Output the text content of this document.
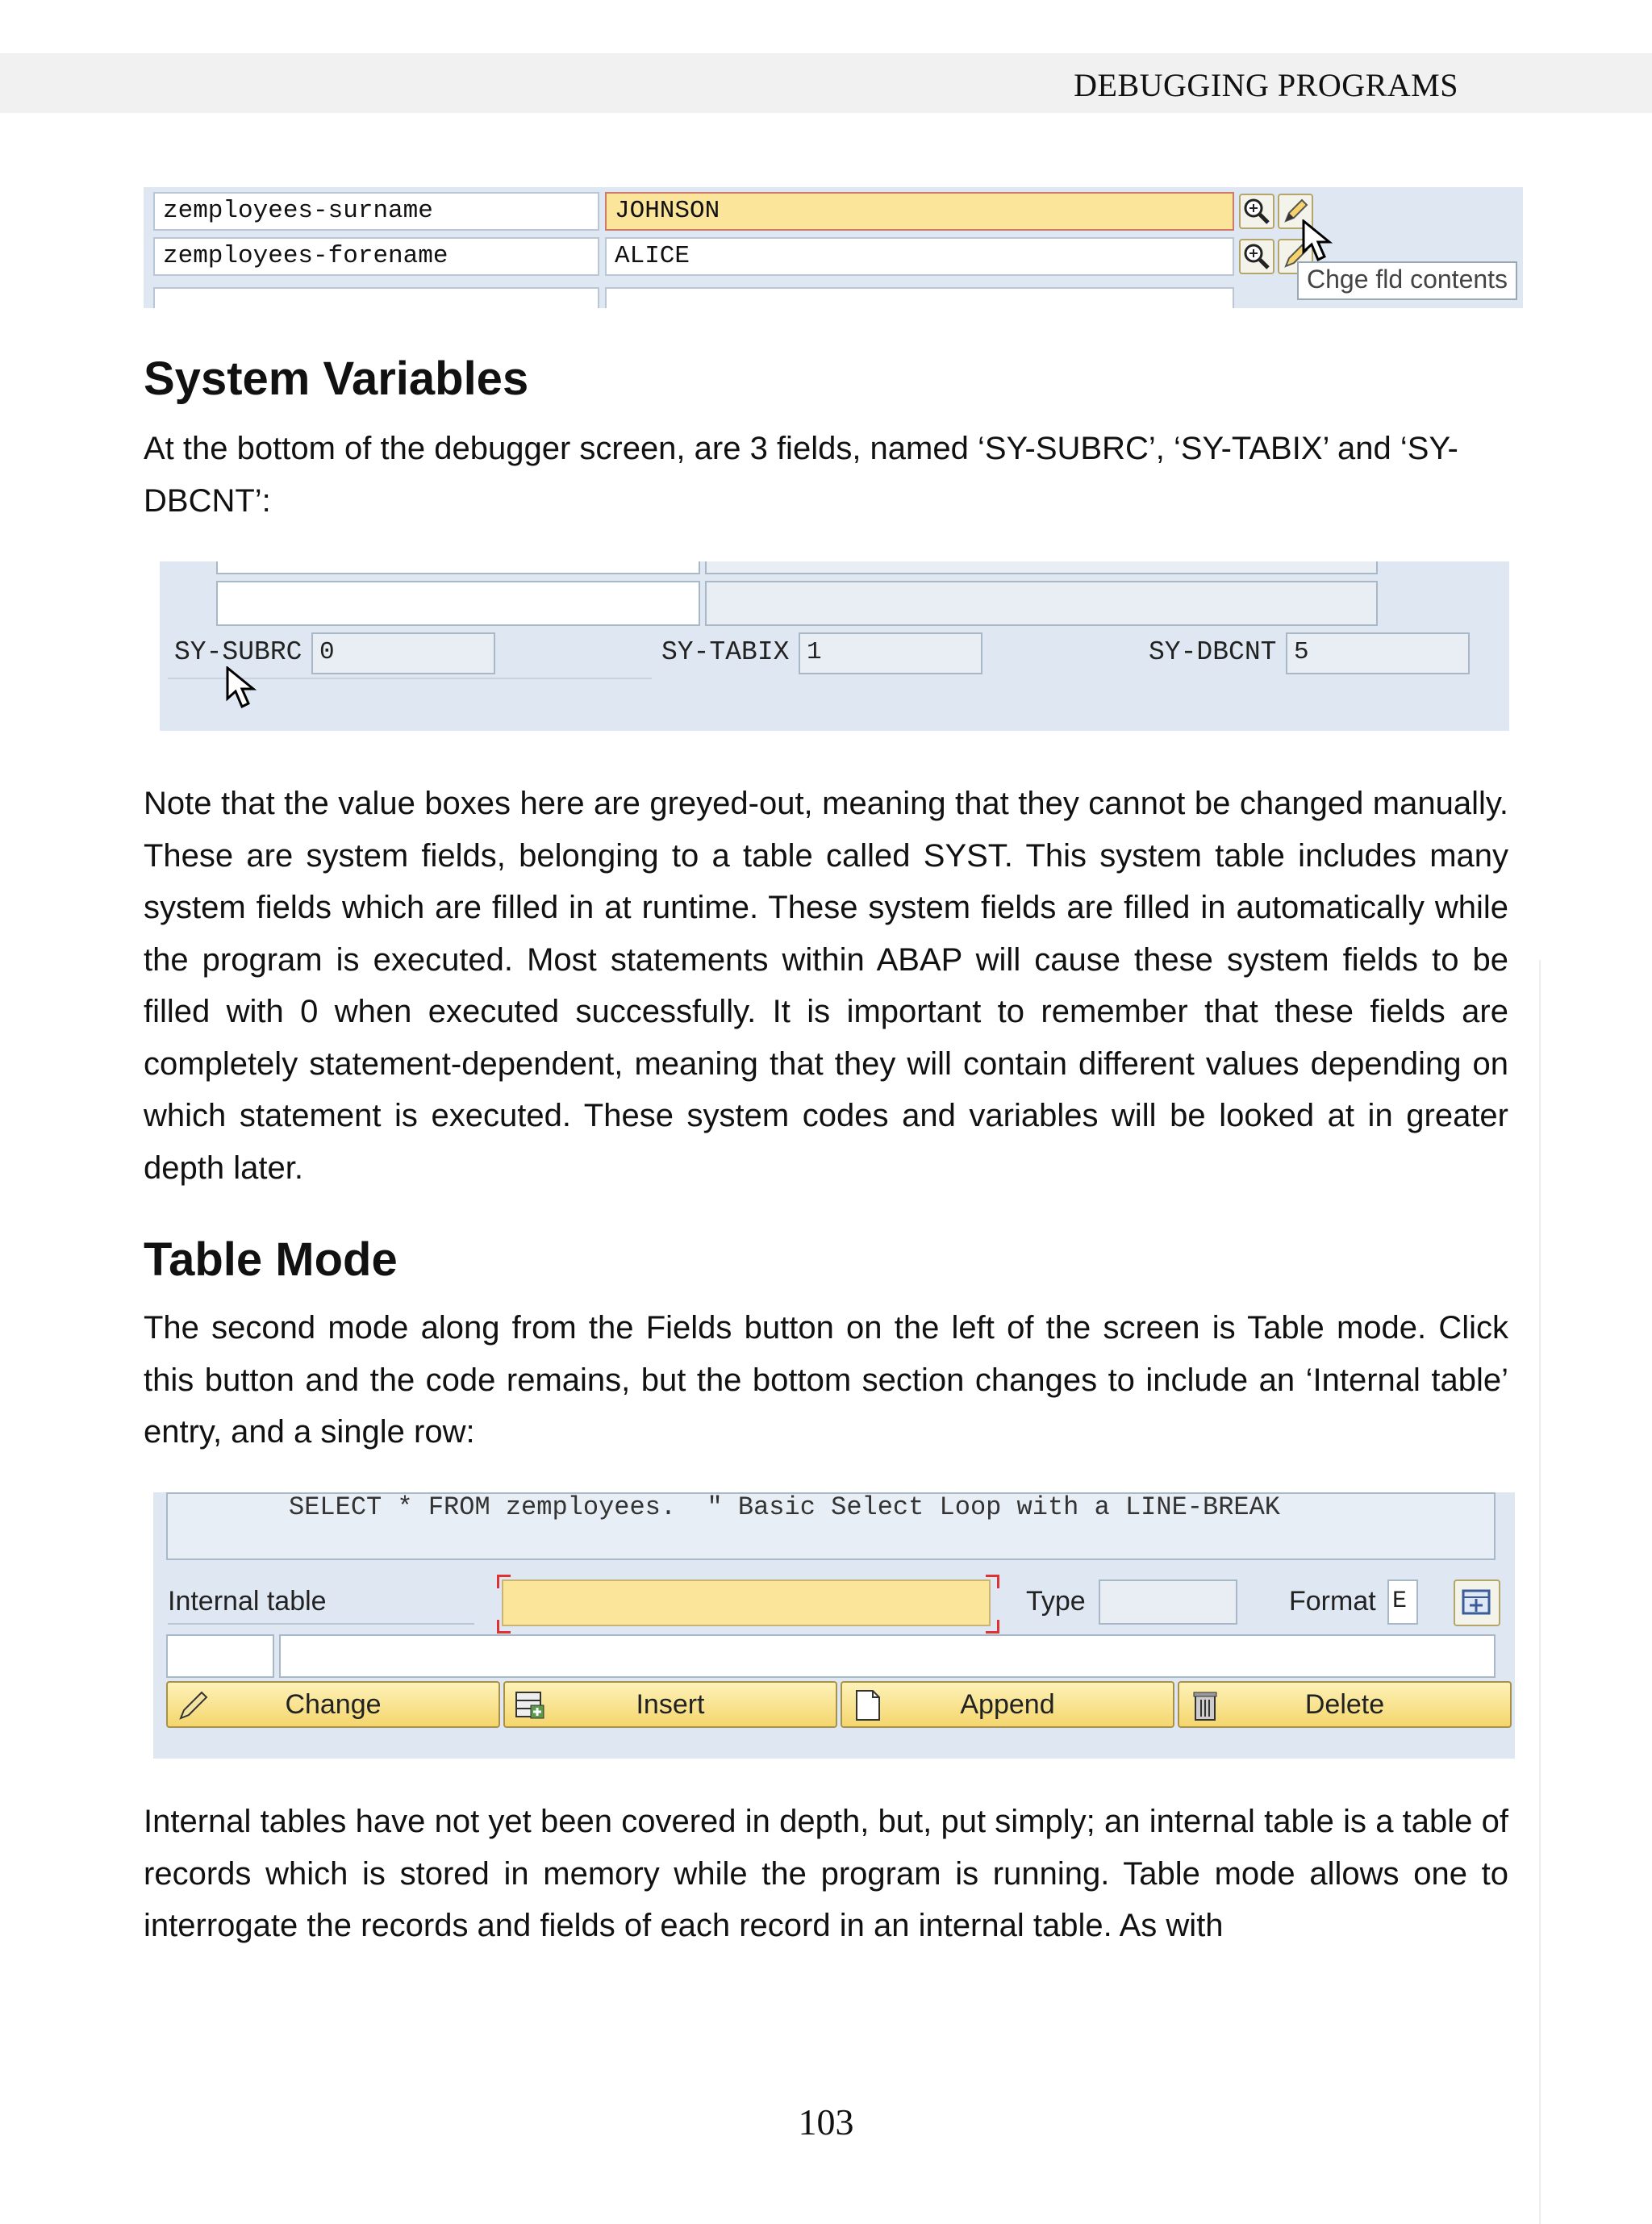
DEBUGGING PROGRAMS
zemployees-surname	JOHNSON
zemployees-forename	ALICE
Chge fld contents
System Variables

At the bottom of the debugger screen, are 3 fields, named ‘SY-SUBRC’, ‘SY-TABIX’ and ‘SY-DBCNT’:

SY-SUBRC 0	SY-TABIX 1	SY-DBCNT 5

Note that the value boxes here are greyed-out, meaning that they cannot be changed manually. These are system fields, belonging to a table called SYST. This system table includes many system fields which are filled in at runtime. These system fields are filled in automatically while the program is executed. Most statements within ABAP will cause these system fields to be filled with 0 when executed successfully. It is important to remember that these fields are completely statement-dependent, meaning that they will contain different values depending on which statement is executed. These system codes and variables will be looked at in greater depth later.

Table Mode

The second mode along from the Fields button on the left of the screen is Table mode. Click this button and the code remains, but the bottom section changes to include an ‘Internal table’ entry, and a single row:

SELECT * FROM zemployees.  " Basic Select Loop with a LINE-BREAK
Internal table	Type	Format E
Change	Insert	Append	Delete

Internal tables have not yet been covered in depth, but, put simply; an internal table is a table of records which is stored in memory while the program is running. Table mode allows one to interrogate the records and fields of each record in an internal table. As with

103
